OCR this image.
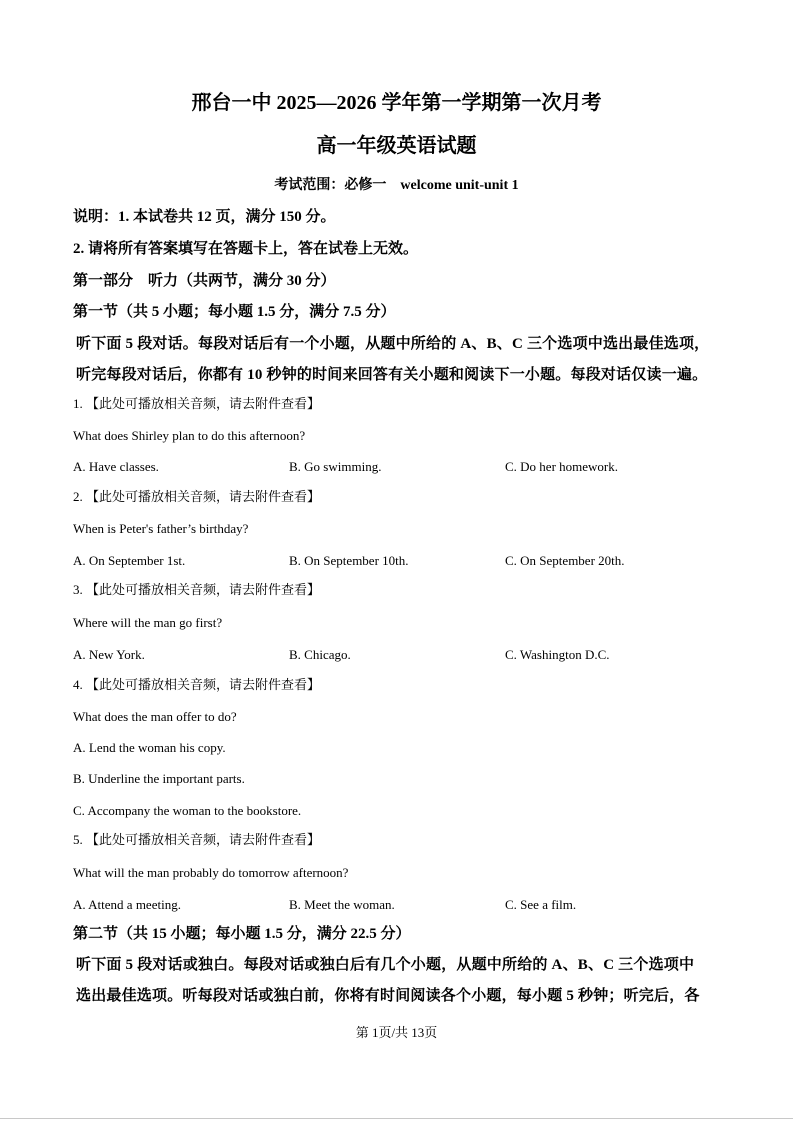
邢台一中 2025—2026 学年第一学期第一次月考
高一年级英语试题
考试范围：必修一　welcome unit-unit 1
说明：1. 本试卷共 12 页，满分 150 分。
2. 请将所有答案填写在答题卡上，答在试卷上无效。
第一部分　听力（共两节，满分 30 分）
第一节（共 5 小题；每小题 1.5 分，满分 7.5 分）
听下面 5 段对话。每段对话后有一个小题，从题中所给的 A、B、C 三个选项中选出最佳选项，
听完每段对话后，你都有 10 秒钟的时间来回答有关小题和阅读下一小题。每段对话仅读一遍。
1. 【此处可播放相关音频，请去附件查看】
What does Shirley plan to do this afternoon?
A. Have classes.	B. Go swimming.	C. Do her homework.
2. 【此处可播放相关音频，请去附件查看】
When is Peter's father’s birthday?
A. On September 1st.	B. On September 10th.	C. On September 20th.
3. 【此处可播放相关音频，请去附件查看】
Where will the man go first?
A. New York.	B. Chicago.	C. Washington D.C.
4. 【此处可播放相关音频，请去附件查看】
What does the man offer to do?
A. Lend the woman his copy.
B. Underline the important parts.
C. Accompany the woman to the bookstore.
5. 【此处可播放相关音频，请去附件查看】
What will the man probably do tomorrow afternoon?
A. Attend a meeting.	B. Meet the woman.	C. See a film.
第二节（共 15 小题；每小题 1.5 分，满分 22.5 分）
听下面 5 段对话或独白。每段对话或独白后有几个小题，从题中所给的 A、B、C 三个选项中
选出最佳选项。听每段对话或独白前，你将有时间阅读各个小题，每小题 5 秒钟；听完后，各
第 1页/共 13页
